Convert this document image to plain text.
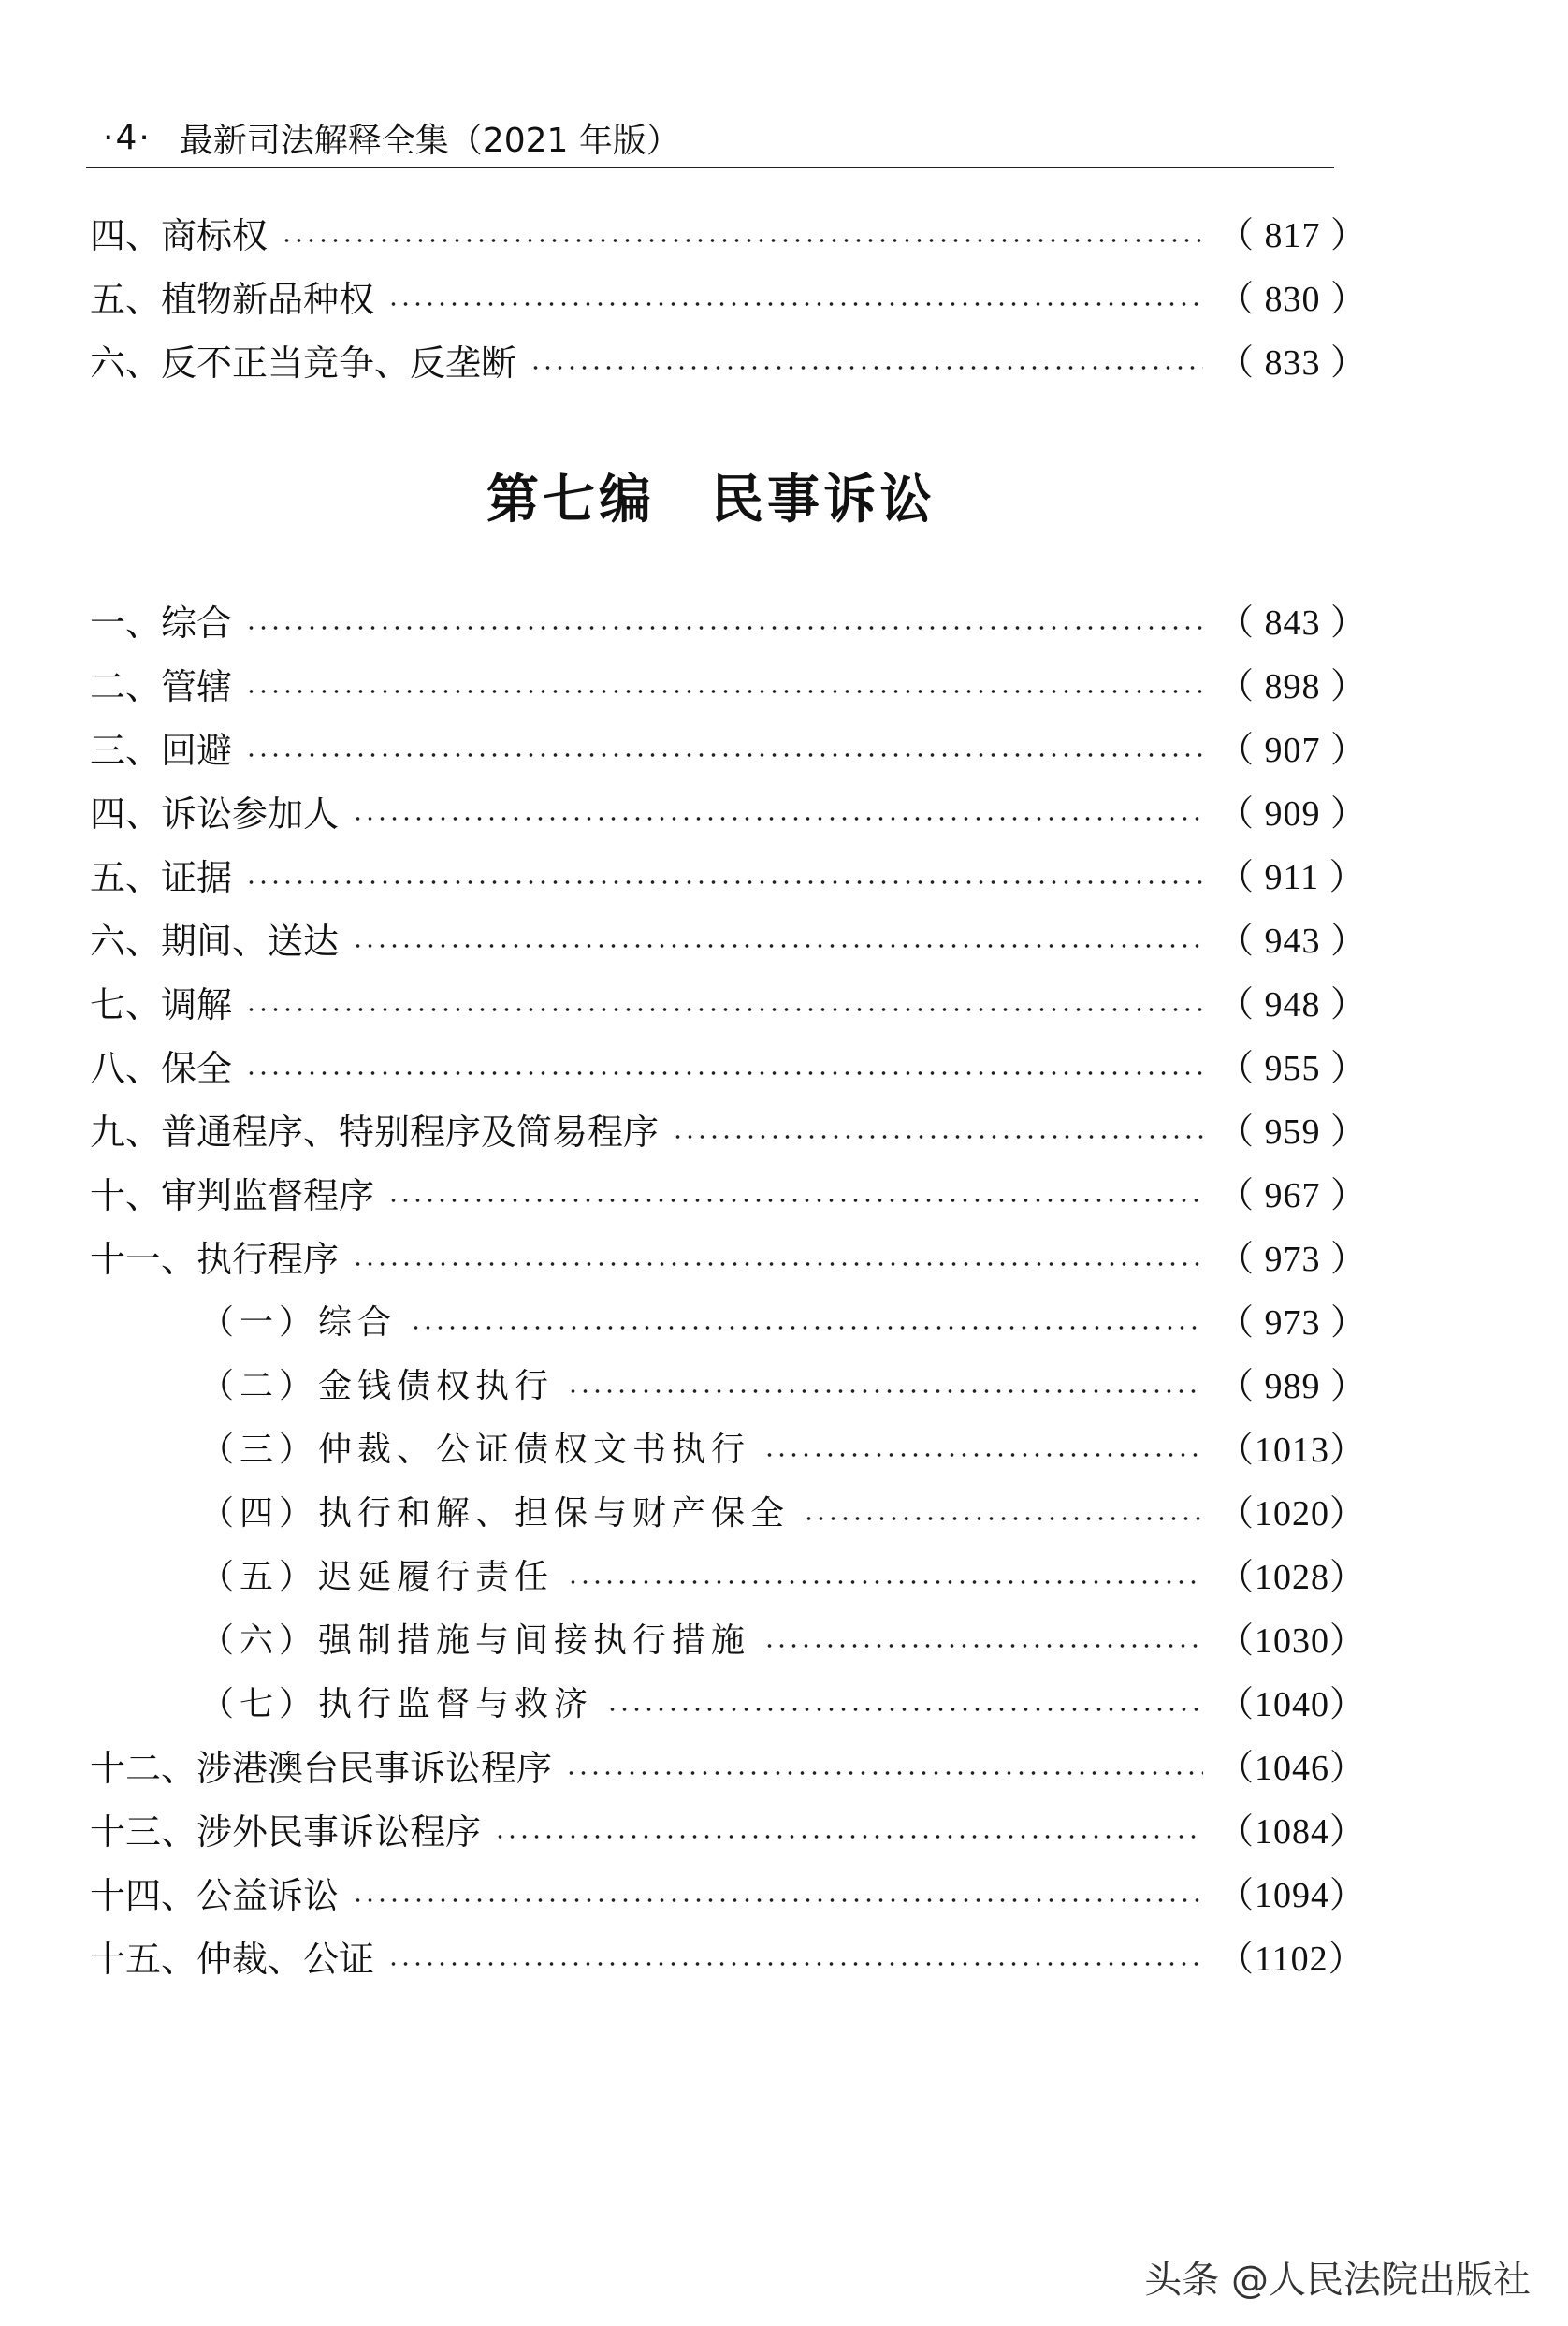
·4· 最新司法解释全集（2021 年版）
四、商标权	（ 817 ）
五、植物新品种权	（ 830 ）
六、反不正当竞争、反垄断	（ 833 ）
第七编 民事诉讼
一、综合	（ 843 ）
二、管辖	（ 898 ）
三、回避	（ 907 ）
四、诉讼参加人	（ 909 ）
五、证据	（ 911 ）
六、期间、送达	（ 943 ）
七、调解	（ 948 ）
八、保全	（ 955 ）
九、普通程序、特别程序及简易程序	（ 959 ）
十、审判监督程序	（ 967 ）
十一、执行程序	（ 973 ）
（一）综合	（ 973 ）
（二）金钱债权执行	（ 989 ）
（三）仲裁、公证债权文书执行	（1013）
（四）执行和解、担保与财产保全	（1020）
（五）迟延履行责任	（1028）
（六）强制措施与间接执行措施	（1030）
（七）执行监督与救济	（1040）
十二、涉港澳台民事诉讼程序	（1046）
十三、涉外民事诉讼程序	（1084）
十四、公益诉讼	（1094）
十五、仲裁、公证	（1102）
头条 @人民法院出版社
